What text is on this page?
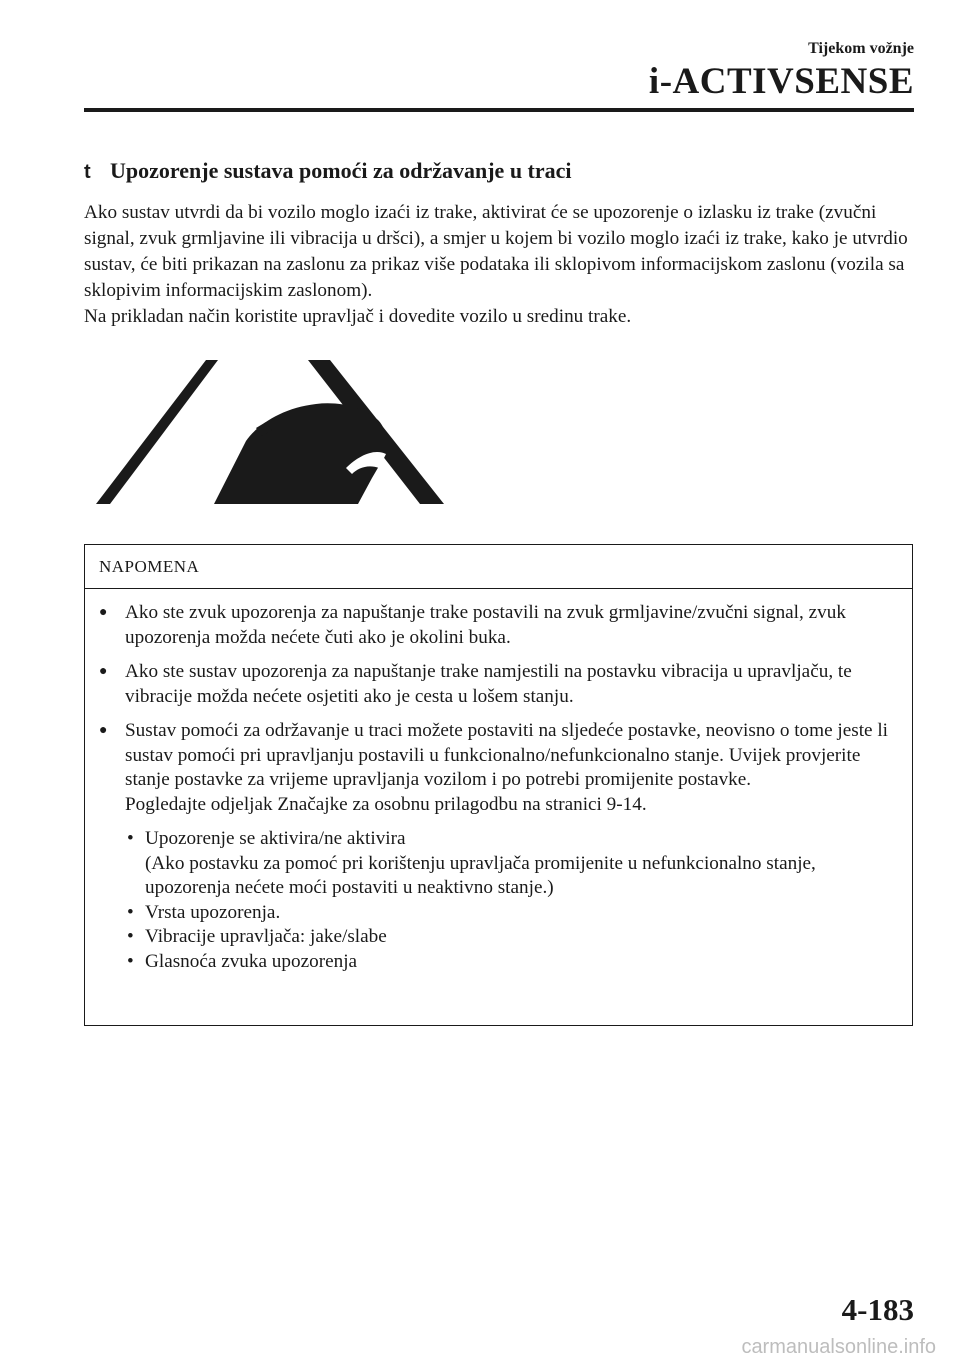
Tijekom vožnje
i-ACTIVSENSE
t Upozorenje sustava pomoći za održavanje u traci

Ako sustav utvrdi da bi vozilo moglo izaći iz trake, aktivirat će se upozorenje o izlasku iz trake (zvučni signal, zvuk grmljavine ili vibracija u dršci), a smjer u kojem bi vozilo moglo izaći iz trake, kako je utvrdio sustav, će biti prikazan na zaslonu za prikaz više podataka ili sklopivom informacijskom zaslonu (vozila sa sklopivim informacijskim zaslonom).

Na prikladan način koristite upravljač i dovedite vozilo u sredinu trake.

NAPOMENA
● Ako ste zvuk upozorenja za napuštanje trake postavili na zvuk grmljavine/zvučni signal, zvuk upozorenja možda nećete čuti ako je okolini buka.
● Ako ste sustav upozorenja za napuštanje trake namjestili na postavku vibracija u upravljaču, te vibracije možda nećete osjetiti ako je cesta u lošem stanju.
● Sustav pomoći za održavanje u traci možete postaviti na sljedeće postavke, neovisno o tome jeste li sustav pomoći pri upravljanju postavili u funkcionalno/nefunkcionalno stanje. Uvijek provjerite stanje postavke za vrijeme upravljanja vozilom i po potrebi promijenite postavke.
Pogledajte odjeljak Značajke za osobnu prilagodbu na stranici 9-14.
• Upozorenje se aktivira/ne aktivira
(Ako postavku za pomoć pri korištenju upravljača promijenite u nefunkcionalno stanje, upozorenja nećete moći postaviti u neaktivno stanje.)
• Vrsta upozorenja.
• Vibracije upravljača: jake/slabe
• Glasnoća zvuka upozorenja
4-183
carmanualsonline.info
